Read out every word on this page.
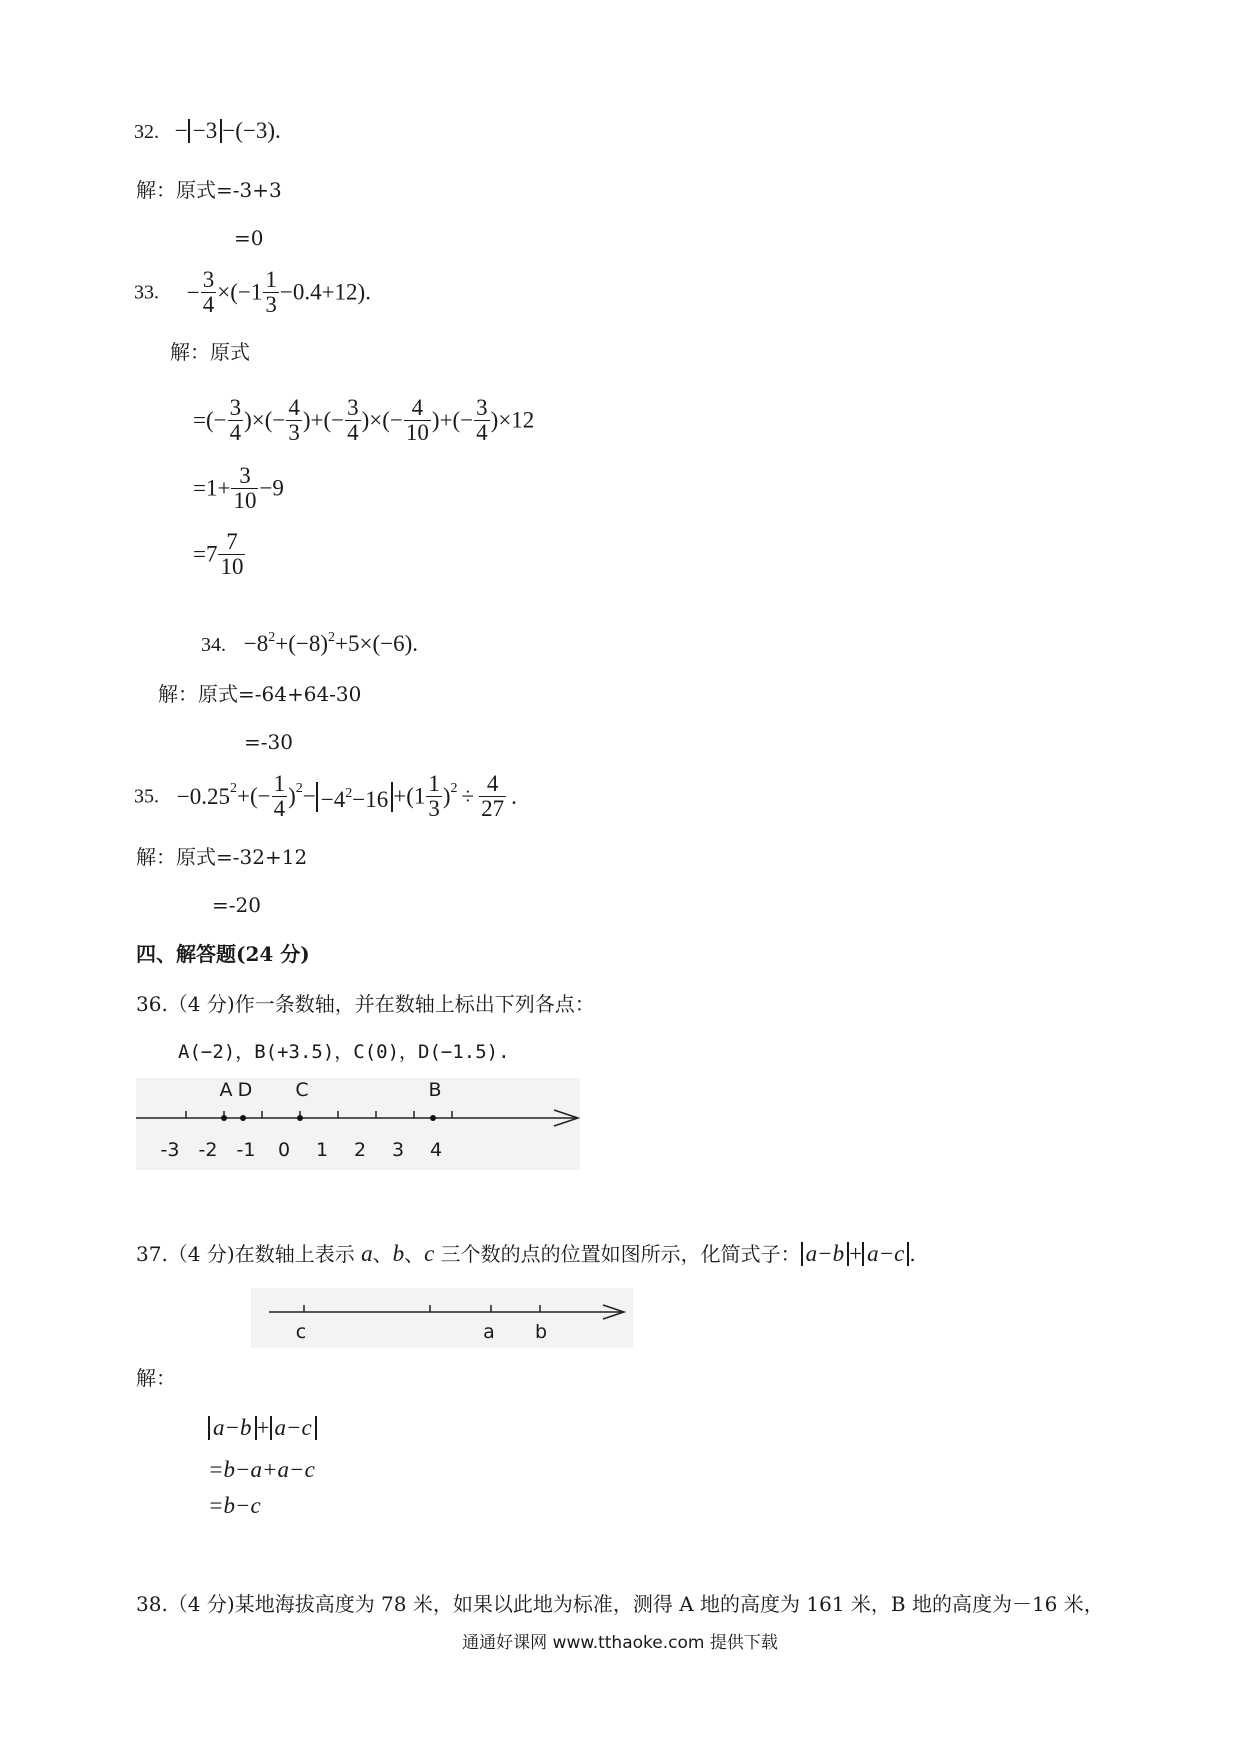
32. − −3 −(−3).
解：原式=-3+3
=0
33. − $\frac{3}{4} \times(-1 \frac{1}{3} -0.4+12)$.
解：原式
=(− $\frac{3}{4}$ )×(− $\frac{4}{3}$ )+(− $\frac{3}{4}$ )×(− $\frac{4}{10}$ )+(− $\frac{3}{4} )\times 12$
$=1+ \frac{3}{10} -9$
$=7 \frac{7}{10}$
34. $-8^2+(-8)^2+5\times(-6)$.
解：原式=-64+64-30
=-30
35. $-0.25^2+(- \frac{1}{4} )^2- -4^2-16 +(1 \frac{1}{3} )^2 \div \frac{4}{27}$ .
解：原式=-32+12
=-20
四、解答题(24 分)
36.（4 分)作一条数轴，并在数轴上标出下列各点：
A(−2)，B(+3.5)，C(0)，D(−1.5).
-3 -2 -1 0 1 2 3 4
A D C	B
37.（4 分)在数轴上表示 a、b、c 三个数的点的位置如图所示，化简式子： a−b + a−c .
c	a b
解：
a−b + a−c
=b−a+a−c
=b−c
38.（4 分)某地海拔高度为 78 米，如果以此地为标准，测得 A 地的高度为 161 米，B 地的高度为－16 米，
通通好课网 www.tthaoke.com 提供下载
